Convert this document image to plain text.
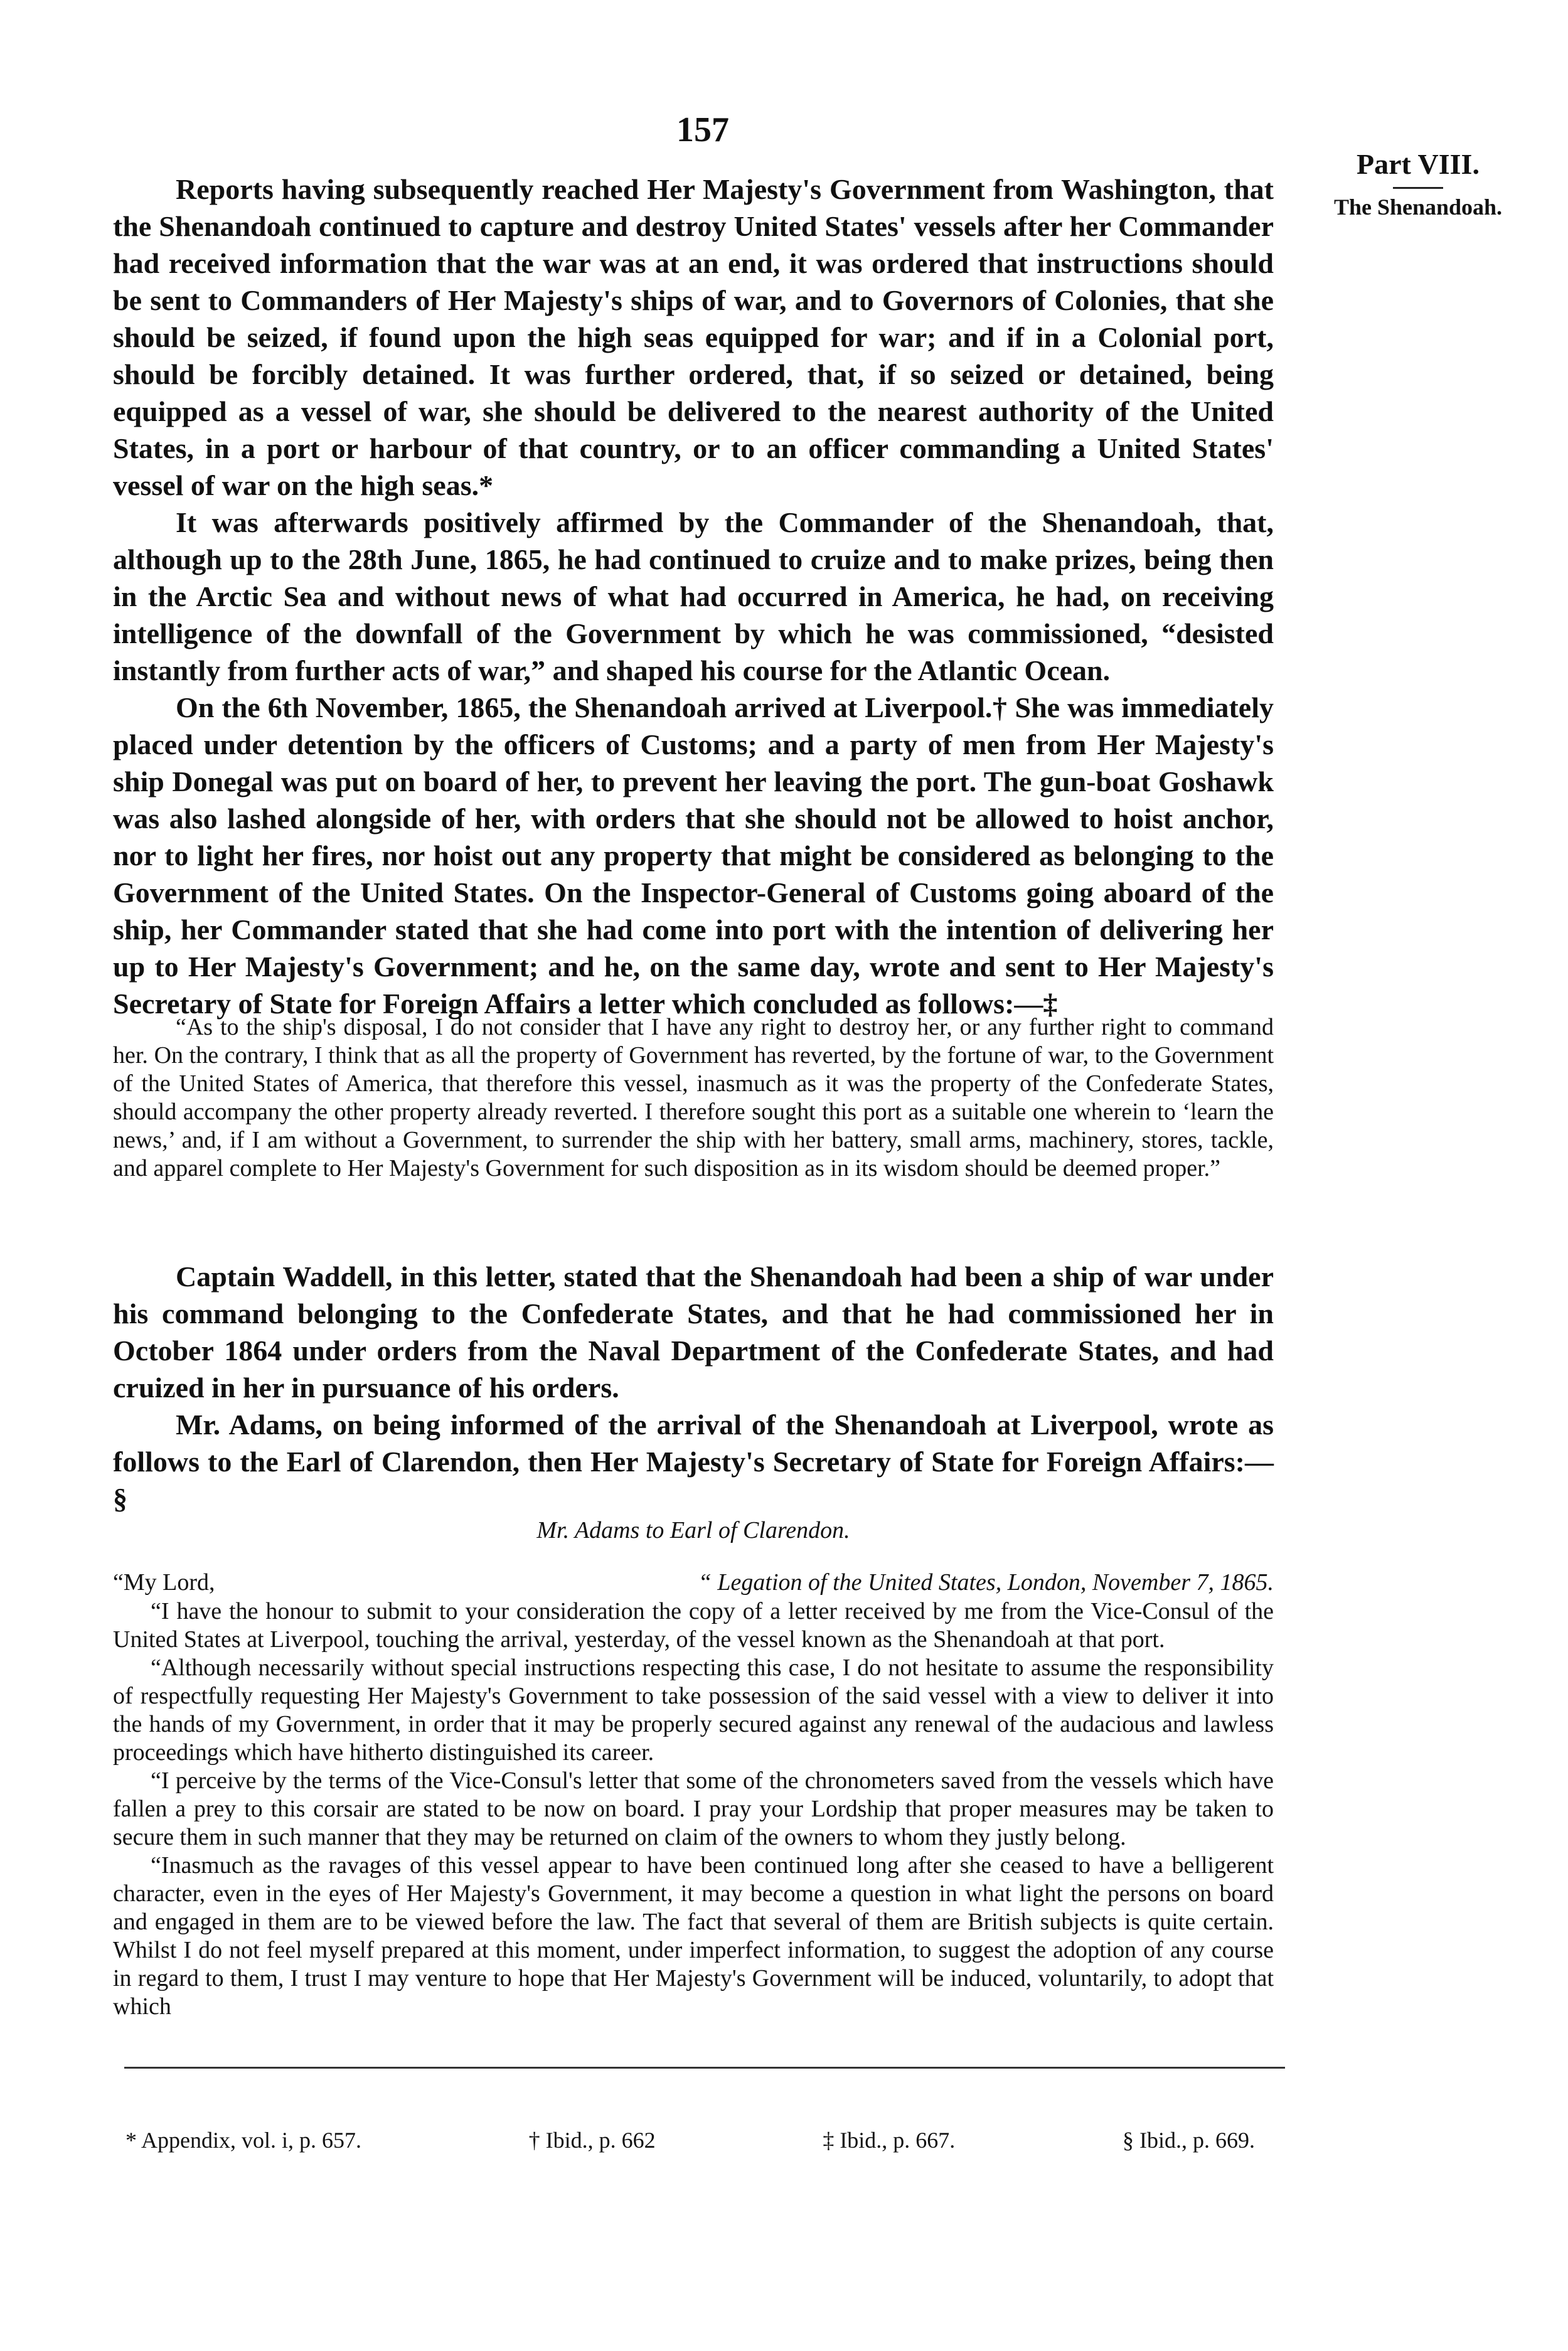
157
Part VIII.
The Shenandoah.

Reports having subsequently reached Her Majesty's Government from Washington, that the Shenandoah continued to capture and destroy United States' vessels after her Commander had received information that the war was at an end, it was ordered that instructions should be sent to Commanders of Her Majesty's ships of war, and to Governors of Colonies, that she should be seized, if found upon the high seas equipped for war; and if in a Colonial port, should be forcibly detained. It was further ordered, that, if so seized or detained, being equipped as a vessel of war, she should be delivered to the nearest authority of the United States, in a port or harbour of that country, or to an officer commanding a United States' vessel of war on the high seas.*

It was afterwards positively affirmed by the Commander of the Shenandoah, that, although up to the 28th June, 1865, he had continued to cruize and to make prizes, being then in the Arctic Sea and without news of what had occurred in America, he had, on receiving intelligence of the downfall of the Government by which he was commissioned, “desisted instantly from further acts of war,” and shaped his course for the Atlantic Ocean.

On the 6th November, 1865, the Shenandoah arrived at Liverpool.† She was immediately placed under detention by the officers of Customs; and a party of men from Her Majesty's ship Donegal was put on board of her, to prevent her leaving the port. The gun-boat Goshawk was also lashed alongside of her, with orders that she should not be allowed to hoist anchor, nor to light her fires, nor hoist out any property that might be considered as belonging to the Government of the United States. On the Inspector-General of Customs going aboard of the ship, her Commander stated that she had come into port with the intention of delivering her up to Her Majesty's Government; and he, on the same day, wrote and sent to Her Majesty's Secretary of State for Foreign Affairs a letter which concluded as follows:—‡

“As to the ship's disposal, I do not consider that I have any right to destroy her, or any further right to command her. On the contrary, I think that as all the property of Government has reverted, by the fortune of war, to the Government of the United States of America, that therefore this vessel, inasmuch as it was the property of the Confederate States, should accompany the other property already reverted. I therefore sought this port as a suitable one wherein to ‘learn the news,’ and, if I am without a Government, to surrender the ship with her battery, small arms, machinery, stores, tackle, and apparel complete to Her Majesty's Government for such disposition as in its wisdom should be deemed proper.”

Captain Waddell, in this letter, stated that the Shenandoah had been a ship of war under his command belonging to the Confederate States, and that he had commissioned her in October 1864 under orders from the Naval Department of the Confederate States, and had cruized in her in pursuance of his orders.

Mr. Adams, on being informed of the arrival of the Shenandoah at Liverpool, wrote as follows to the Earl of Clarendon, then Her Majesty's Secretary of State for Foreign Affairs:—§

Mr. Adams to Earl of Clarendon.
“My Lord,	“ Legation of the United States, London, November 7, 1865.

“I have the honour to submit to your consideration the copy of a letter received by me from the Vice-Consul of the United States at Liverpool, touching the arrival, yesterday, of the vessel known as the Shenandoah at that port.

“Although necessarily without special instructions respecting this case, I do not hesitate to assume the responsibility of respectfully requesting Her Majesty's Government to take possession of the said vessel with a view to deliver it into the hands of my Government, in order that it may be properly secured against any renewal of the audacious and lawless proceedings which have hitherto distinguished its career.

“I perceive by the terms of the Vice-Consul's letter that some of the chronometers saved from the vessels which have fallen a prey to this corsair are stated to be now on board. I pray your Lordship that proper measures may be taken to secure them in such manner that they may be returned on claim of the owners to whom they justly belong.

“Inasmuch as the ravages of this vessel appear to have been continued long after she ceased to have a belligerent character, even in the eyes of Her Majesty's Government, it may become a question in what light the persons on board and engaged in them are to be viewed before the law. The fact that several of them are British subjects is quite certain. Whilst I do not feel myself prepared at this moment, under imperfect information, to suggest the adoption of any course in regard to them, I trust I may venture to hope that Her Majesty's Government will be induced, voluntarily, to adopt that which

* Appendix, vol. i, p. 657.	† Ibid., p. 662	‡ Ibid., p. 667.	§ Ibid., p. 669.
